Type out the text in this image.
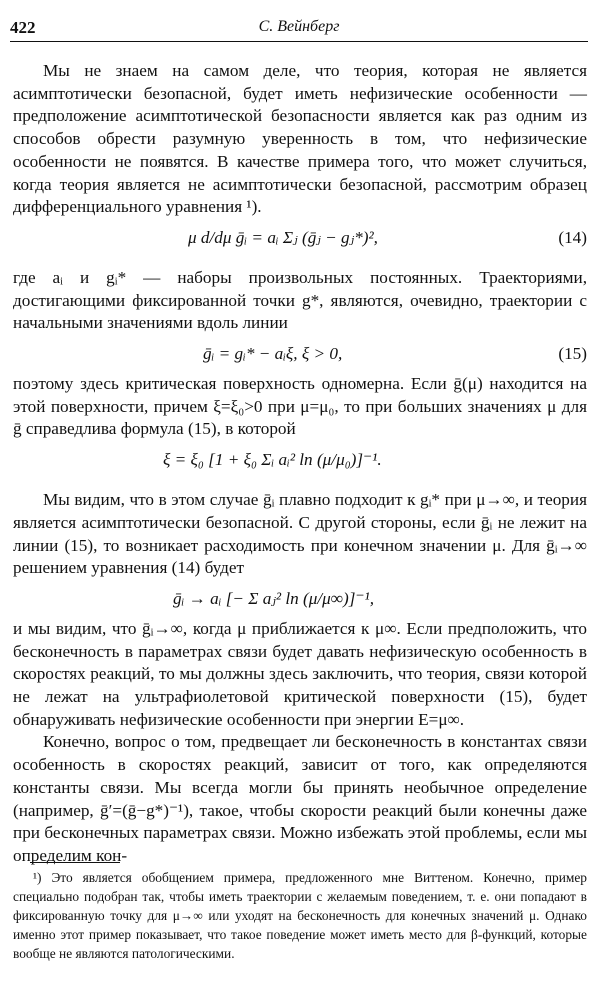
422	С. Вейнберг

Мы не знаем на самом деле, что теория, которая не является асимптотически безопасной, будет иметь нефизические особенности — предположение асимптотической безопасности является как раз одним из способов обрести разумную уверенность в том, что нефизические особенности не появятся. В качестве примера того, что может случиться, когда теория является не асимптотически безопасной, рассмотрим образец дифференциального уравнения ¹).

μ d/dμ ḡᵢ = aᵢ Σⱼ (ḡⱼ − gⱼ*)²,	(14)

где aᵢ и gᵢ* — наборы произвольных постоянных. Траекториями, достигающими фиксированной точки g*, являются, очевидно, траектории с начальными значениями вдоль линии

ḡᵢ = gᵢ* − aᵢξ, ξ > 0,	(15)

поэтому здесь критическая поверхность одномерна. Если ḡ(μ) находится на этой поверхности, причем ξ=ξ₀>0 при μ=μ₀, то при больших значениях μ для ḡ справедлива формула (15), в которой

ξ = ξ₀ [1 + ξ₀ Σᵢ aᵢ² ln (μ/μ₀)]⁻¹.

Мы видим, что в этом случае ḡᵢ плавно подходит к gᵢ* при μ→∞, и теория является асимптотически безопасной. С другой стороны, если ḡᵢ не лежит на линии (15), то возникает расходимость при конечном значении μ. Для ḡᵢ→∞ решением уравнения (14) будет

ḡᵢ → aᵢ [− Σ aⱼ² ln (μ/μ∞)]⁻¹,

и мы видим, что ḡᵢ→∞, когда μ приближается к μ∞. Если предположить, что бесконечность в параметрах связи будет давать нефизическую особенность в скоростях реакций, то мы должны здесь заключить, что теория, связи которой не лежат на ультрафиолетовой критической поверхности (15), будет обнаруживать нефизические особенности при энергии E=μ∞.

Конечно, вопрос о том, предвещает ли бесконечность в константах связи особенность в скоростях реакций, зависит от того, как определяются константы связи. Мы всегда могли бы принять необычное определение (например, ḡ′=(ḡ−g*)⁻¹), такое, чтобы скорости реакций были конечны даже при бесконечных параметрах связи. Можно избежать этой проблемы, если мы определим кон-

¹) Это является обобщением примера, предложенного мне Виттеном. Конечно, пример специально подобран так, чтобы иметь траектории с желаемым поведением, т. е. они попадают в фиксированную точку для μ→∞ или уходят на бесконечность для конечных значений μ. Однако именно этот пример показывает, что такое поведение может иметь место для β-функций, которые вообще не являются патологическими.
